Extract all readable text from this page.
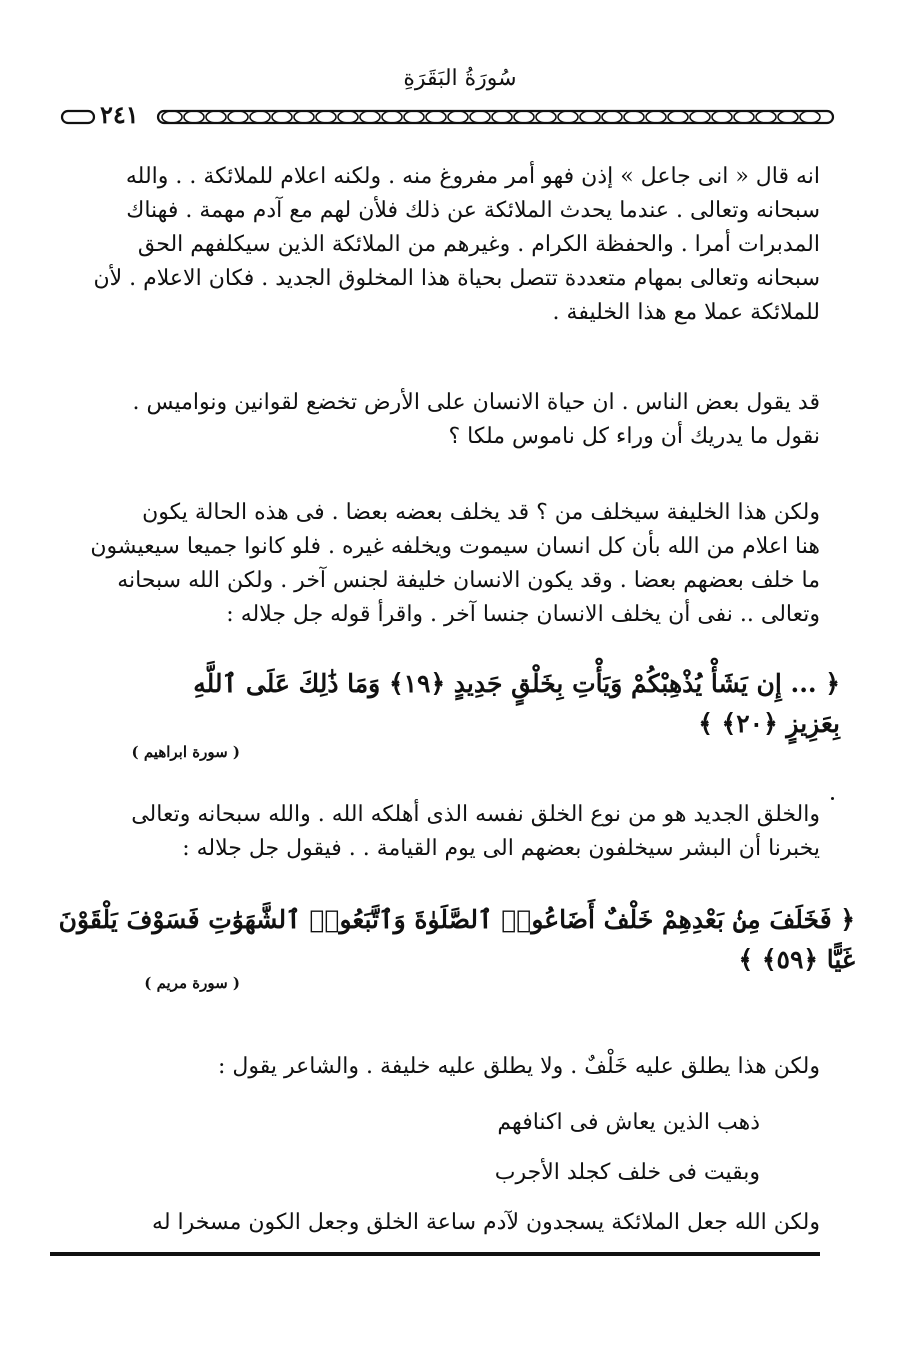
سُورَةُ البَقَرَةِ
٢٤١
انه قال « انى جاعل » إذن فهو أمر مفروغ منه . ولكنه اعلام للملائكة . . والله
سبحانه وتعالى . عندما يحدث الملائكة عن ذلك فلأن لهم مع آدم مهمة . فهناك
المدبرات أمرا . والحفظة الكرام . وغيرهم من الملائكة الذين سيكلفهم الحق
سبحانه وتعالى بمهام متعددة تتصل بحياة هذا المخلوق الجديد . فكان الاعلام . لأن
للملائكة عملا مع هذا الخليفة .
قد يقول بعض الناس . ان حياة الانسان على الأرض تخضع لقوانين ونواميس .
نقول ما يدريك أن وراء كل ناموس ملكا ؟
ولكن هذا الخليفة سيخلف من ؟ قد يخلف بعضه بعضا . فى هذه الحالة يكون
هنا اعلام من الله بأن كل انسان سيموت ويخلفه غيره . فلو كانوا جميعا سيعيشون
ما خلف بعضهم بعضا . وقد يكون الانسان خليفة لجنس آخر . ولكن الله سبحانه
وتعالى .. نفى أن يخلف الانسان جنسا آخر . واقرأ قوله جل جلاله :
﴿ ... إِن يَشَأْ يُذْهِبْكُمْ وَيَأْتِ بِخَلْقٍ جَدِيدٍ ﴿١٩﴾ وَمَا ذَٰلِكَ عَلَى ٱللَّهِ بِعَزِيزٍ ﴿٢٠﴾ ﴾
( سورة ابراهيم )
والخلق الجديد هو من نوع الخلق نفسه الذى أهلكه الله . والله سبحانه وتعالى
يخبرنا أن البشر سيخلفون بعضهم الى يوم القيامة . . فيقول جل جلاله :
﴿ فَخَلَفَ مِنۢ بَعْدِهِمْ خَلْفٌ أَضَاعُوا۟ ٱلصَّلَوٰةَ وَٱتَّبَعُوا۟ ٱلشَّهَوَٰتِ فَسَوْفَ يَلْقَوْنَ غَيًّا ﴿٥٩﴾ ﴾
( سورة مريم )
ولكن هذا يطلق عليه خَلْفٌ . ولا يطلق عليه خليفة . والشاعر يقول :
ذهب الذين يعاش فى اكنافهم
وبقيت فى خلف كجلد الأجرب
ولكن الله جعل الملائكة يسجدون لآدم ساعة الخلق وجعل الكون مسخرا له
